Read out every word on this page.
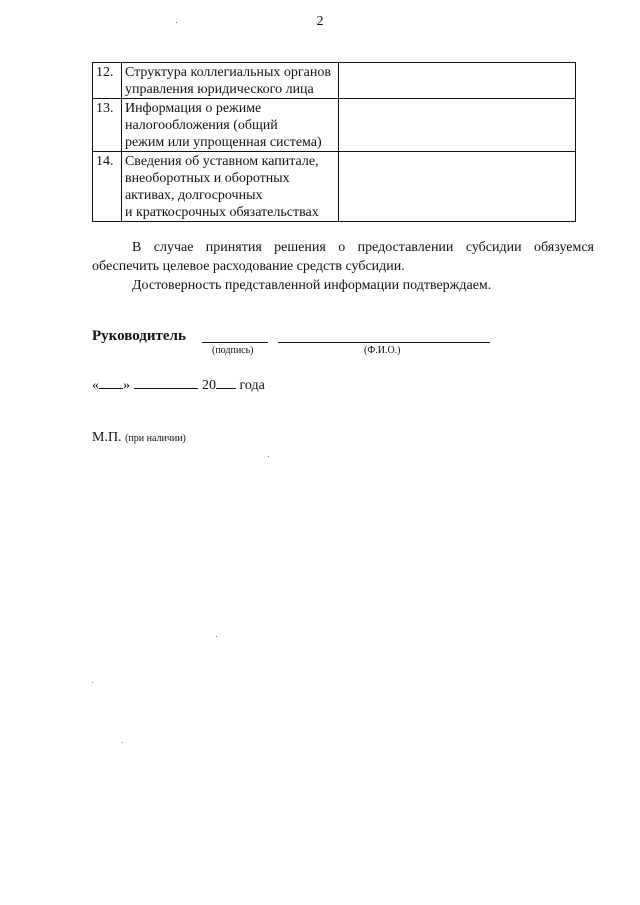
2
12.	Структура коллегиальных органов
управления юридического лица	

13.	Информация о режиме
налогообложения (общий
режим или упрощенная система)	

14.	Сведения об уставном капитале,
внеоборотных и оборотных
активах, долгосрочных
и краткосрочных обязательствах	

В случае принятия решения о предоставлении субсидии обязуемся
обеспечить целевое расходование средств субсидии.
Достоверность представленной информации подтверждаем.
Руководитель
(подпись)	(Ф.И.О.)
« »	20 года
М.П. (при наличии)
